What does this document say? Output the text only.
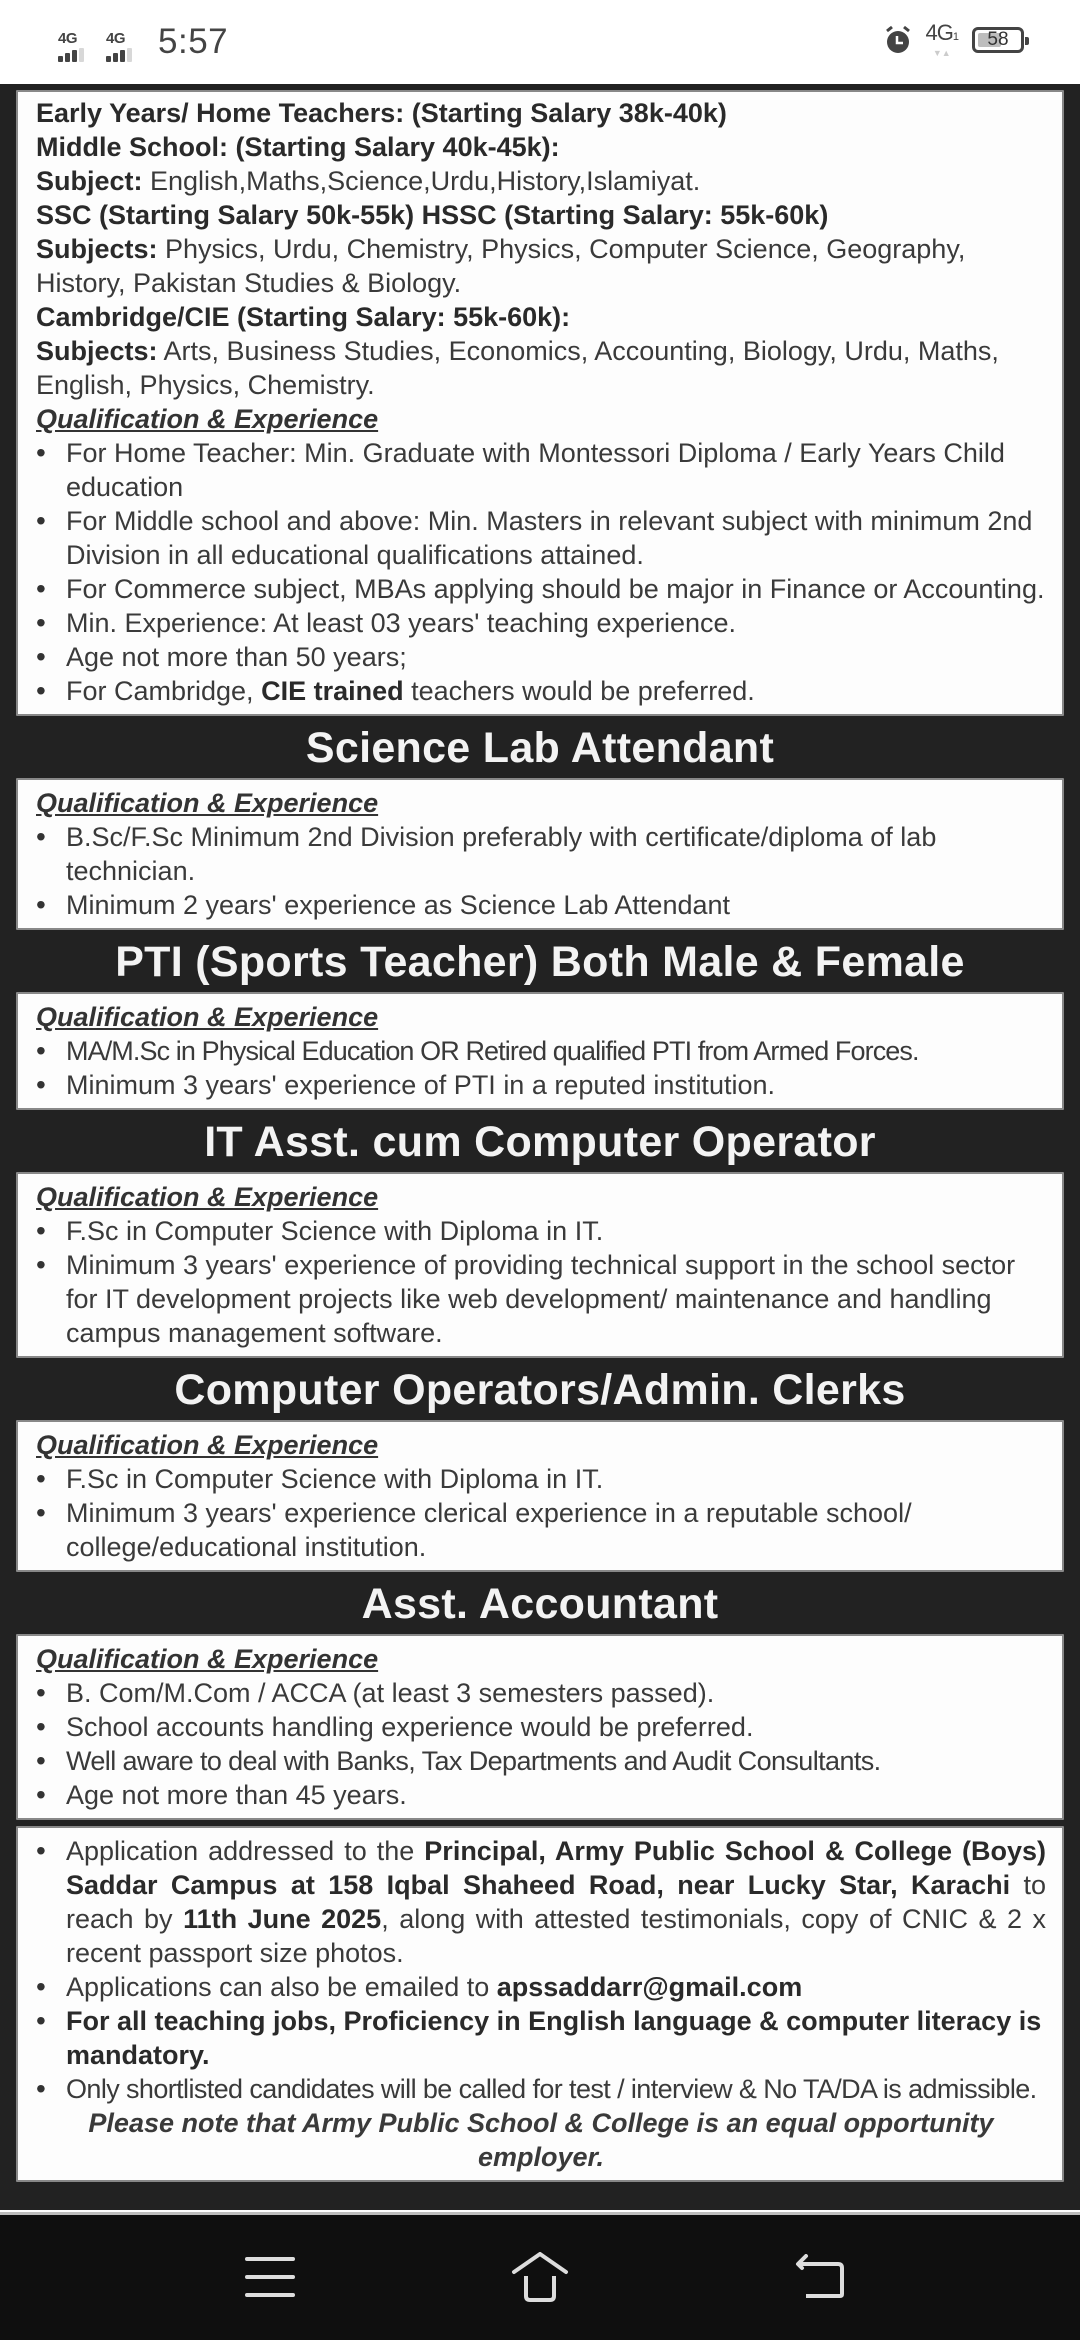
4G 4G 5:57	4G1
▼▲
58

Early Years/ Home Teachers: (Starting Salary 38k-40k)

Middle School: (Starting Salary 40k-45k):

Subject: English,Maths,Science,Urdu,History,Islamiyat.

SSC (Starting Salary 50k-55k) HSSC (Starting Salary: 55k-60k)

Subjects: Physics, Urdu, Chemistry, Physics, Computer Science, Geography, History, Pakistan Studies & Biology.

Cambridge/CIE (Starting Salary: 55k-60k):

Subjects: Arts, Business Studies, Economics, Accounting, Biology, Urdu, Maths, English, Physics, Chemistry.

Qualification & Experience

• For Home Teacher: Min. Graduate with Montessori Diploma / Early Years Child education
• For Middle school and above: Min. Masters in relevant subject with minimum 2nd Division in all educational qualifications attained.
• For Commerce subject, MBAs applying should be major in Finance or Accounting.
• Min. Experience: At least 03 years' teaching experience.
• Age not more than 50 years;
• For Cambridge, CIE trained teachers would be preferred.
Science Lab Attendant

Qualification & Experience

• B.Sc/F.Sc Minimum 2nd Division preferably with certificate/diploma of lab technician.
• Minimum 2 years' experience as Science Lab Attendant
PTI (Sports Teacher) Both Male & Female

Qualification & Experience

• MA/M.Sc in Physical Education OR Retired qualified PTI from Armed Forces.
• Minimum 3 years' experience of PTI in a reputed institution.
IT Asst. cum Computer Operator

Qualification & Experience

• F.Sc in Computer Science with Diploma in IT.
• Minimum 3 years' experience of providing technical support in the school sector for IT development projects like web development/ maintenance and handling campus management software.
Computer Operators/Admin. Clerks

Qualification & Experience

• F.Sc in Computer Science with Diploma in IT.
• Minimum 3 years' experience clerical experience in a reputable school/ college/educational institution.
Asst. Accountant

Qualification & Experience

• B. Com/M.Com / ACCA (at least 3 semesters passed).
• School accounts handling experience would be preferred.
• Well aware to deal with Banks, Tax Departments and Audit Consultants.
• Age not more than 45 years.
• Application addressed to the Principal, Army Public School & College (Boys) Saddar Campus at 158 Iqbal Shaheed Road, near Lucky Star, Karachi to reach by 11th June 2025, along with attested testimonials, copy of CNIC & 2 x recent passport size photos.
• Applications can also be emailed to apssaddarr@gmail.com
• For all teaching jobs, Proficiency in English language & computer literacy is mandatory.
• Only shortlisted candidates will be called for test / interview & No TA/DA is admissible.

Please note that Army Public School & College is an equal opportunity employer.
